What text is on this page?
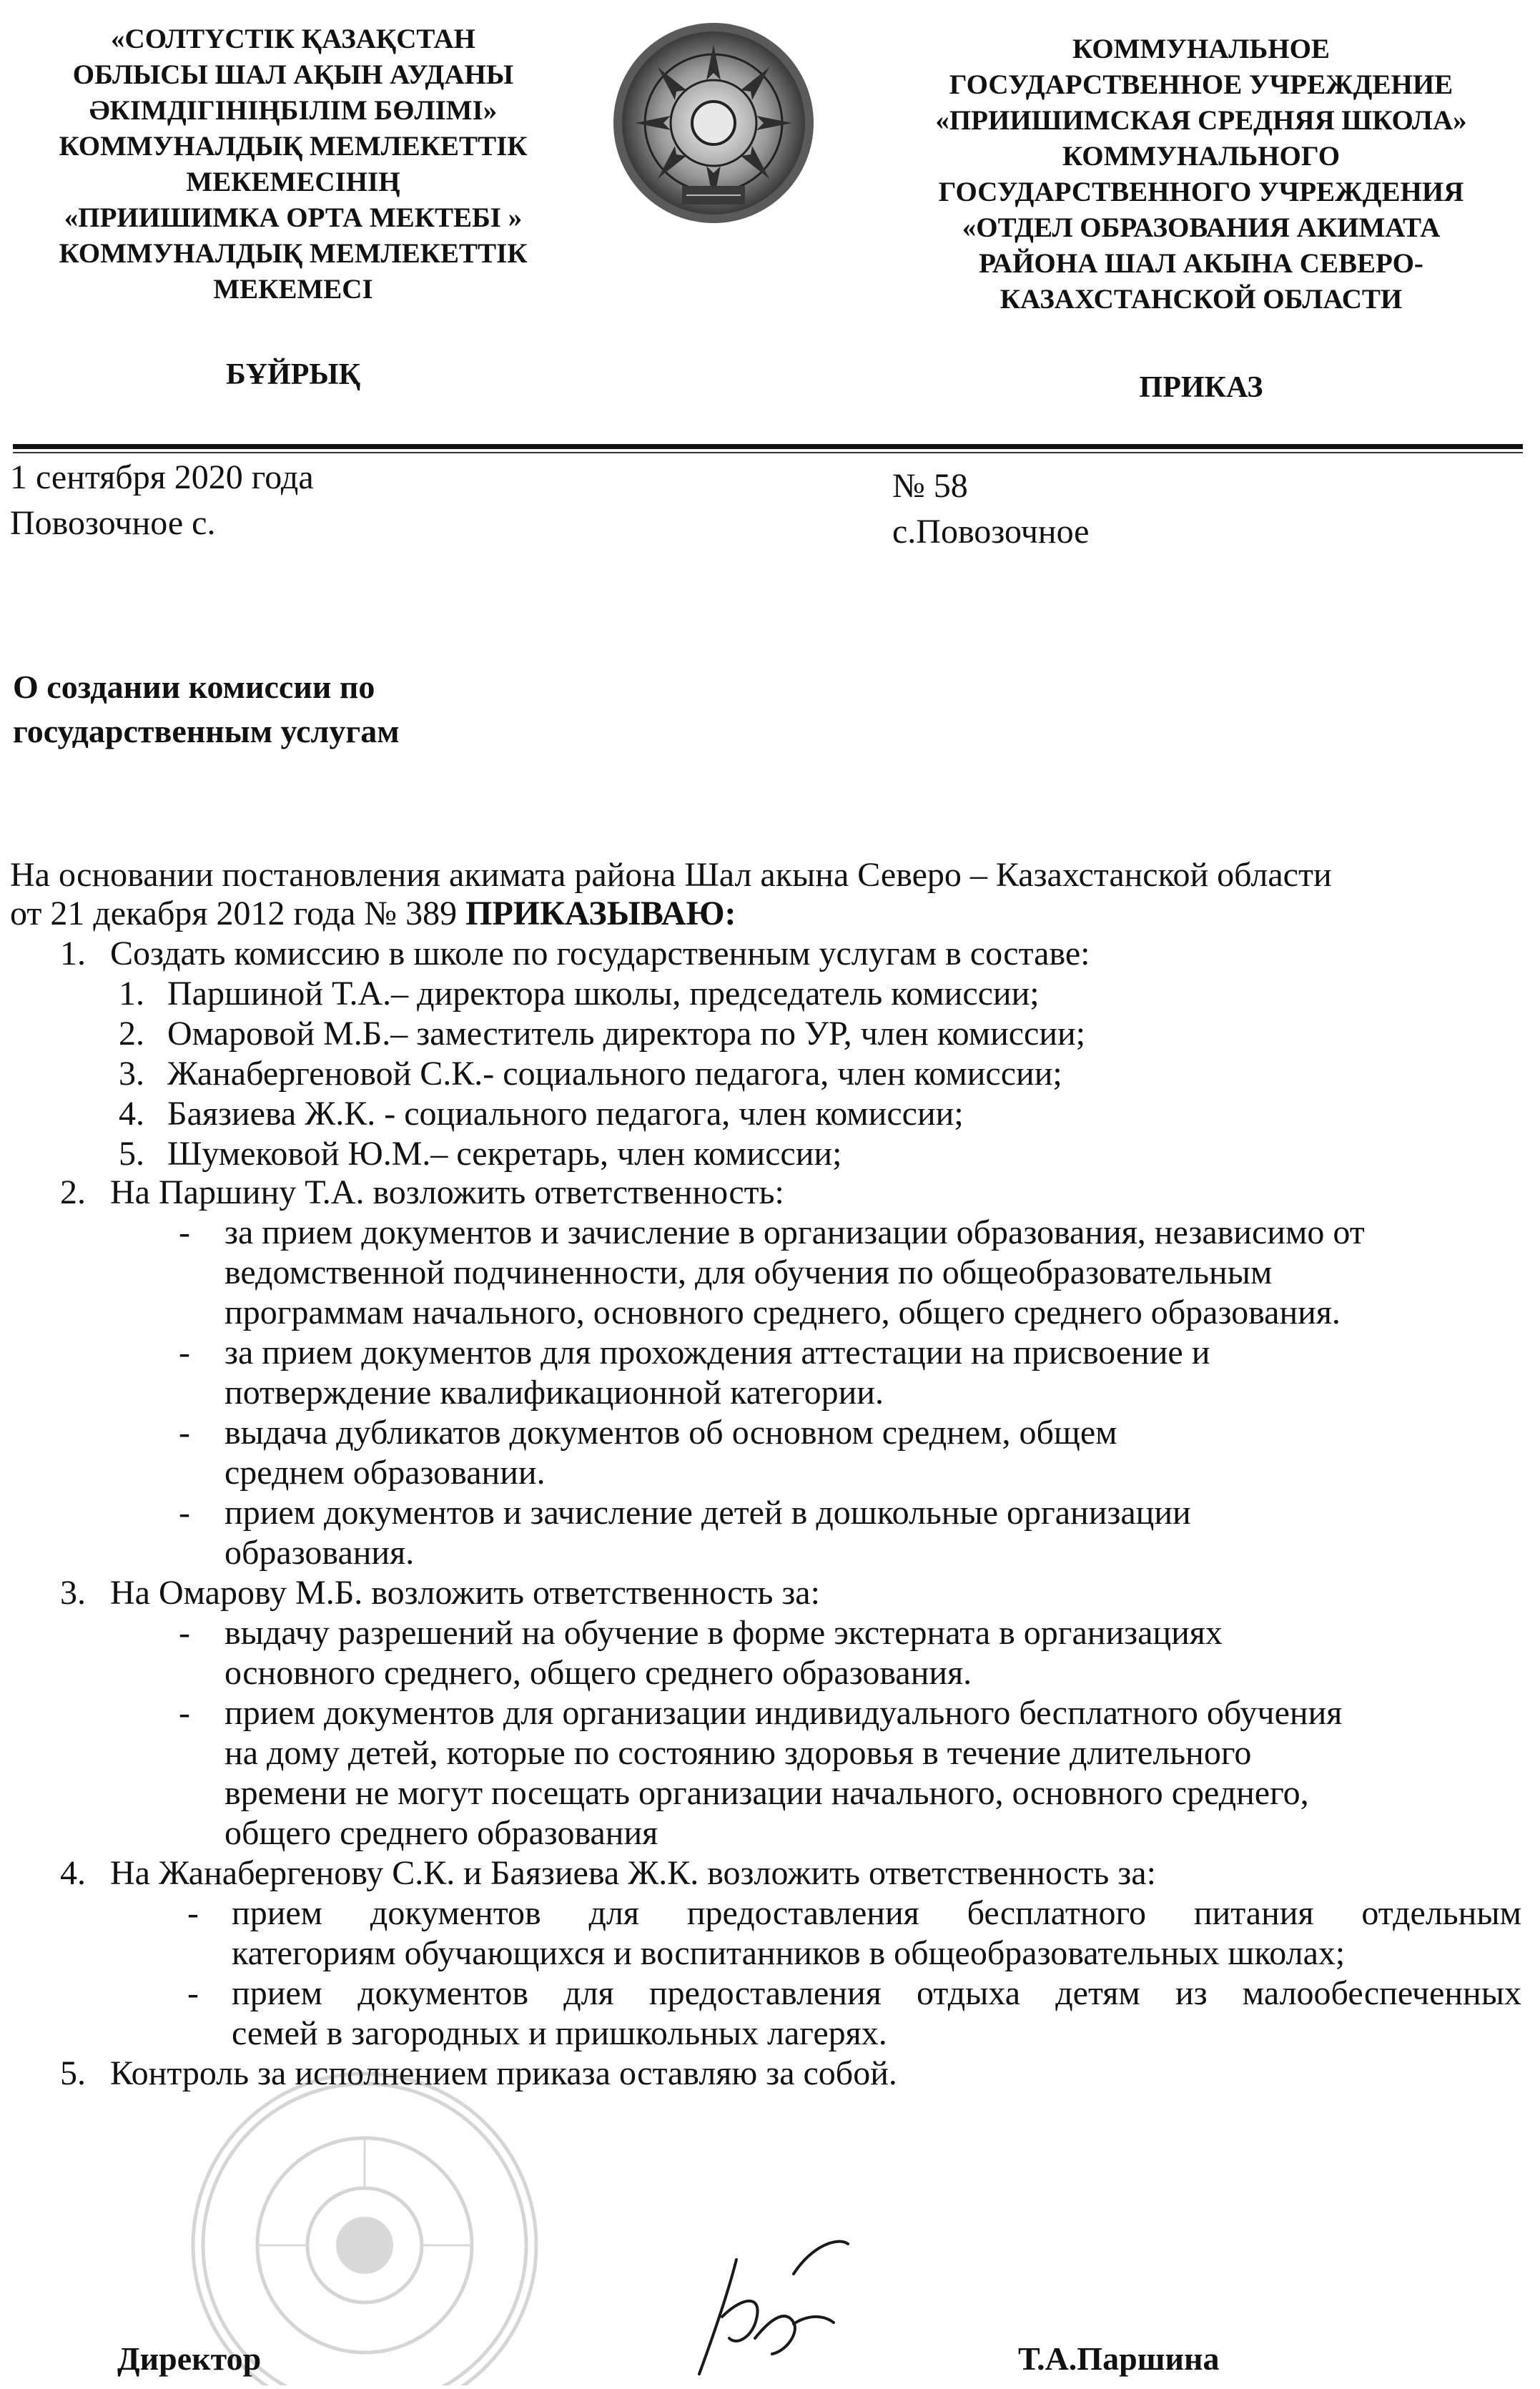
«СОЛТҮСТІК ҚАЗАҚСТАН
ОБЛЫСЫ ШАЛ АҚЫН АУДАНЫ
ӘКІМДІГІНІҢБІЛІМ БӨЛІМІ»
КОММУНАЛДЫҚ МЕМЛЕКЕТТІК
МЕКЕМЕСІНІҢ
«ПРИИШИМКА ОРТА МЕКТЕБІ »
КОММУНАЛДЫҚ МЕМЛЕКЕТТІК
МЕКЕМЕСІ
КОММУНАЛЬНОЕ
ГОСУДАРСТВЕННОЕ УЧРЕЖДЕНИЕ
«ПРИИШИМСКАЯ СРЕДНЯЯ ШКОЛА»
КОММУНАЛЬНОГО
ГОСУДАРСТВЕННОГО УЧРЕЖДЕНИЯ
«ОТДЕЛ ОБРАЗОВАНИЯ АКИМАТА
РАЙОНА ШАЛ АКЫНА СЕВЕРО-
КАЗАХСТАНСКОЙ ОБЛАСТИ
БҰЙРЫҚ	ПРИКАЗ
1 сентября 2020 года
Повозочное с.
№ 58
с.Повозочное
О создании комиссии по
государственным услугам
На основании постановления акимата района Шал акына Северо – Казахстанской области
от 21 декабря 2012 года № 389 ПРИКАЗЫВАЮ:
1. Создать комиссию в школе по государственным услугам в составе:
1. Паршиной Т.А.– директора школы, председатель комиссии;
2. Омаровой М.Б.– заместитель директора по УР, член комиссии;
3. Жанабергеновой С.К.- социального педагога, член комиссии;
4. Баязиева Ж.К. - социального педагога, член комиссии;
5. Шумековой Ю.М.– секретарь, член комиссии;
2. На Паршину Т.А. возложить ответственность:
- за прием документов и зачисление в организации образования, независимо от
ведомственной подчиненности, для обучения по общеобразовательным
программам начального, основного среднего, общего среднего образования.
- за прием документов для прохождения аттестации на присвоение и
потверждение квалификационной категории.
- выдача дубликатов документов об основном среднем, общем
среднем образовании.
- прием документов и зачисление детей в дошкольные организации
образования.
3. На Омарову М.Б. возложить ответственность за:
- выдачу разрешений на обучение в форме экстерната в организациях
основного среднего, общего среднего образования.
- прием документов для организации индивидуального бесплатного обучения
на дому детей, которые по состоянию здоровья в течение длительного
времени не могут посещать организации начального, основного среднего,
общего среднего образования
4. На Жанабергенову С.К. и Баязиева Ж.К. возложить ответственность за:
- прием документов для предоставления бесплатного питания отдельным
категориям обучающихся и воспитанников в общеобразовательных школах;
- прием документов для предоставления отдыха детям из малообеспеченных
семей в загородных и пришкольных лагерях.
5. Контроль за исполнением приказа оставляю за собой.
Директор	Т.А.Паршина
